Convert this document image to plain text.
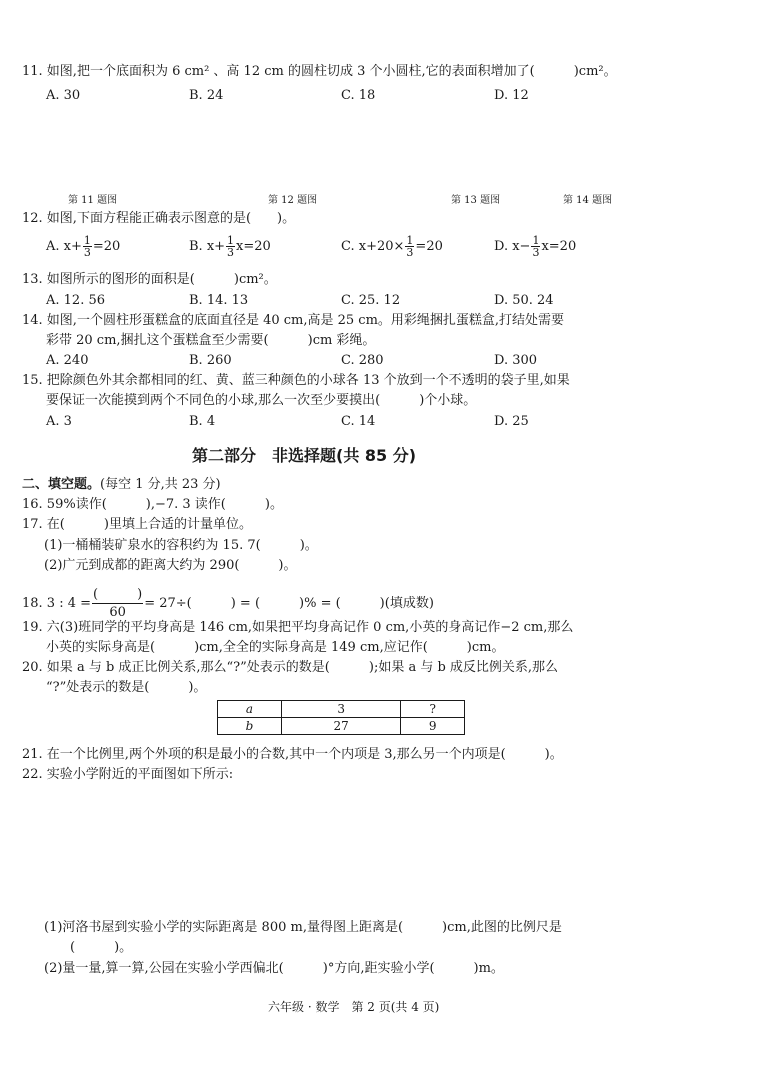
11. 如图,把一个底面积为 6 cm² 、高 12 cm 的圆柱切成 3 个小圆柱,它的表面积增加了(　　　)cm²。
A. 30	B. 24	C. 18	D. 12
第 11 题图	第 12 题图	第 13 题图	第 14 题图
12. 如图,下面方程能正确表示图意的是(　　)。
A. $x+ \frac{1}{3} =20$	B. $x+ \frac{1}{3} x=20$	C. $x+20\times \frac{1}{3} =20$	D. $x- \frac{1}{3} x=20$
13. 如图所示的图形的面积是(　　　)cm²。
A. 12. 56	B. 14. 13	C. 25. 12	D. 50. 24
14. 如图,一个圆柱形蛋糕盒的底面直径是 40 cm,高是 25 cm。用彩绳捆扎蛋糕盒,打结处需要
彩带 20 cm,捆扎这个蛋糕盒至少需要(　　　)cm 彩绳。
A. 240	B. 260	C. 280	D. 300
15. 把除颜色外其余都相同的红、黄、蓝三种颜色的小球各 13 个放到一个不透明的袋子里,如果
要保证一次能摸到两个不同色的小球,那么一次至少要摸出(　　　)个小球。
A. 3	B. 4	C. 14	D. 25
第二部分　非选择题(共 85 分)
二、填空题。(每空 1 分,共 23 分)
16. 59%读作(　　　),−7. 3 读作(　　　)。
17. 在(　　　)里填上合适的计量单位。
(1)一桶桶装矿泉水的容积约为 15. 7(　　　)。
(2)广元到成都的距离大约为 290(　　　)。
18. 3 : $4 = \frac{( )}{60} = 27\div$(　　　) = (　　　)% = (　　　)(填成数)
19. 六(3)班同学的平均身高是 146 cm,如果把平均身高记作 0 cm,小英的身高记作−2 cm,那么
小英的实际身高是(　　　)cm,全全的实际身高是 149 cm,应记作(　　　)cm。
20. 如果 a 与 b 成正比例关系,那么“?”处表示的数是(　　　);如果 a 与 b 成反比例关系,那么
“?”处表示的数是(　　　)。
a	3	?
b	27	9
21. 在一个比例里,两个外项的积是最小的合数,其中一个内项是 3,那么另一个内项是(　　　)。
22. 实验小学附近的平面图如下所示:
(1)河洛书屋到实验小学的实际距离是 800 m,量得图上距离是(　　　)cm,此图的比例尺是
(　　　)。
(2)量一量,算一算,公园在实验小学西偏北(　　　)°方向,距实验小学(　　　)m。
六年级 · 数学　第 2 页(共 4 页)
